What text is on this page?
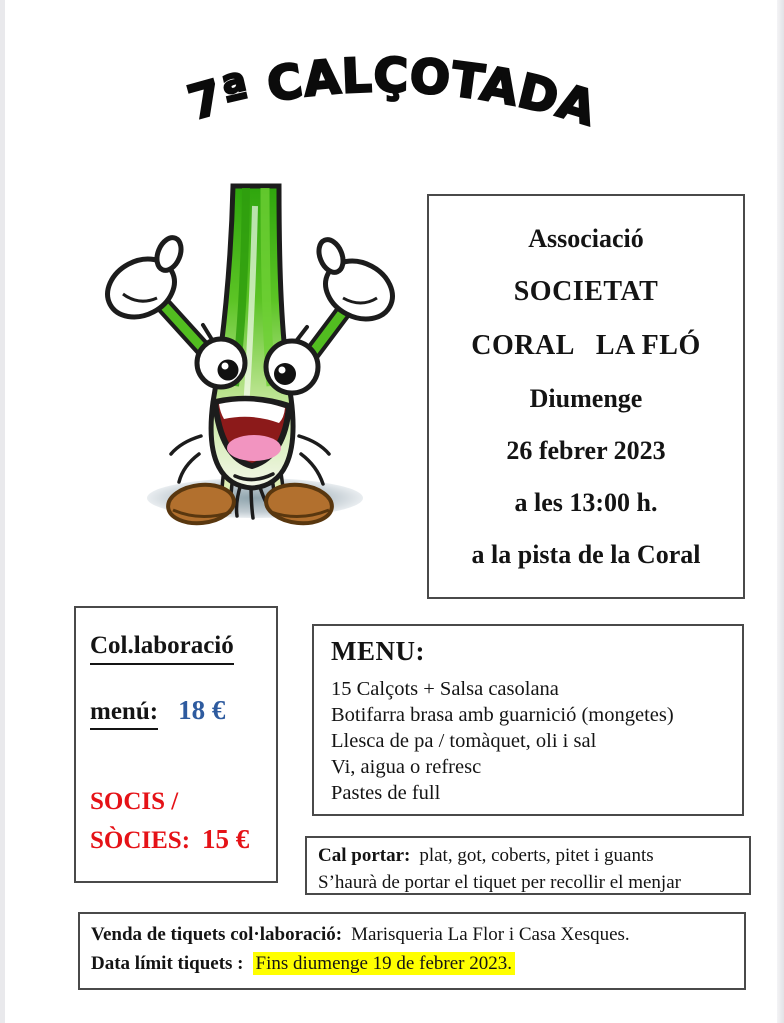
7ª CALÇOTADA
Associació
SOCIETAT
CORAL   LA FLÓ
Diumenge
26 febrer 2023
a les 13:00 h.
a la pista de la Coral
Col.laboració
menú: 18 €
SOCIS /
SÒCIES: 15 €
MENU:
15 Calçots + Salsa casolana
Botifarra brasa amb guarnició (mongetes)
Llesca de pa / tomàquet, oli i sal
Vi, aigua o refresc
Pastes de full
Cal portar: plat, got, coberts, pitet i guants
S’haurà de portar el tiquet per recollir el menjar
Venda de tiquets col·laboració: Marisqueria La Flor i Casa Xesques.
Data límit tiquets : Fins diumenge 19 de febrer 2023.
